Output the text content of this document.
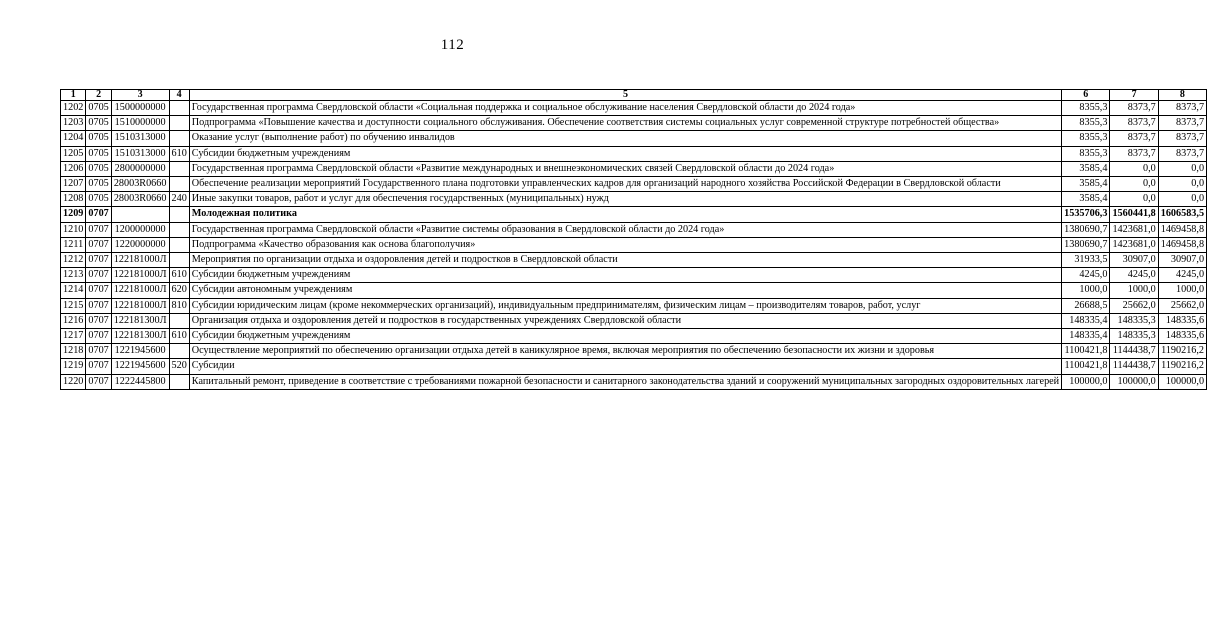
112
1	2	3	4	5	6	7	8
1202	0705	1500000000		Государственная программа Свердловской области «Социальная поддержка и социальное обслуживание населения Свердловской области до 2024 года»	8355,3	8373,7	8373,7
1203	0705	1510000000		Подпрограмма «Повышение качества и доступности социального обслуживания. Обеспечение соответствия системы социальных услуг современной структуре потребностей общества»	8355,3	8373,7	8373,7
1204	0705	1510313000		Оказание услуг (выполнение работ) по обучению инвалидов	8355,3	8373,7	8373,7
1205	0705	1510313000	610	Субсидии бюджетным учреждениям	8355,3	8373,7	8373,7
1206	0705	2800000000		Государственная программа Свердловской области «Развитие международных и внешнеэкономических связей Свердловской области до 2024 года»	3585,4	0,0	0,0
1207	0705	28003R0660		Обеспечение реализации мероприятий Государственного плана подготовки управленческих кадров для организаций народного хозяйства Российской Федерации в Свердловской области	3585,4	0,0	0,0
1208	0705	28003R0660	240	Иные закупки товаров, работ и услуг для обеспечения государственных (муниципальных) нужд	3585,4	0,0	0,0
1209	0707			Молодежная политика	1535706,3	1560441,8	1606583,5
1210	0707	1200000000		Государственная программа Свердловской области «Развитие системы образования в Свердловской области до 2024 года»	1380690,7	1423681,0	1469458,8
1211	0707	1220000000		Подпрограмма «Качество образования как основа благополучия»	1380690,7	1423681,0	1469458,8
1212	0707	122181000Л		Мероприятия по организации отдыха и оздоровления детей и подростков в Свердловской области	31933,5	30907,0	30907,0
1213	0707	122181000Л	610	Субсидии бюджетным учреждениям	4245,0	4245,0	4245,0
1214	0707	122181000Л	620	Субсидии автономным учреждениям	1000,0	1000,0	1000,0
1215	0707	122181000Л	810	Субсидии юридическим лицам (кроме некоммерческих организаций), индивидуальным предпринимателям, физическим лицам – производителям товаров, работ, услуг	26688,5	25662,0	25662,0
1216	0707	122181300Л		Организация отдыха и оздоровления детей и подростков в государственных учреждениях Свердловской области	148335,4	148335,3	148335,6
1217	0707	122181300Л	610	Субсидии бюджетным учреждениям	148335,4	148335,3	148335,6
1218	0707	1221945600		Осуществление мероприятий по обеспечению организации отдыха детей в каникулярное время, включая мероприятия по обеспечению безопасности их жизни и здоровья	1100421,8	1144438,7	1190216,2
1219	0707	1221945600	520	Субсидии	1100421,8	1144438,7	1190216,2
1220	0707	1222445800		Капитальный ремонт, приведение в соответствие с требованиями пожарной безопасности и санитарного законодательства зданий и сооружений муниципальных загородных оздоровительных лагерей	100000,0	100000,0	100000,0
